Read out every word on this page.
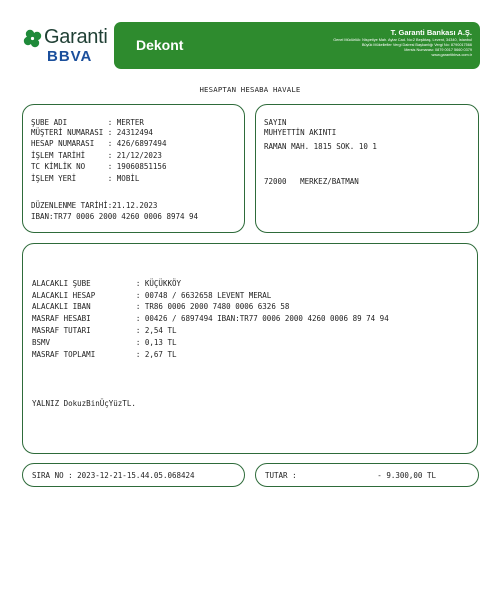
Garanti
BBVA
Dekont
T. Garanti Bankası A.Ş.
Genel Müdürlük: Nispetiye Mah. Aytar Cad. No:2 Beşiktaş, Levent, 34340, İstanbul
Büyük Mükellefler Vergi Dairesi Başkanlığı Vergi No: 8790017566
Mersis Numarası: 0879 0017 5660 0379
www.garantibbva.com.tr
HESAPTAN HESABA HAVALE
ŞUBE ADI         : MERTER
MÜŞTERİ NUMARASI : 24312494
HESAP NUMARASI   : 426/6897494
İŞLEM TARİHİ     : 21/12/2023
TC KİMLİK NO     : 19060851156
İŞLEM YERİ       : MOBİL
DÜZENLENME TARİHİ:21.12.2023
IBAN:TR77 0006 2000 4260 0006 8974 94
SAYIN
MUHYETTİN AKINTI
RAMAN MAH. 1815 SOK. 10 1
72000   MERKEZ/BATMAN
ALACAKLI ŞUBE          : KÜÇÜKKÖY
ALACAKLI HESAP         : 00748 / 6632658 LEVENT MERAL
ALACAKLI IBAN          : TR86 0006 2000 7480 0006 6326 58
MASRAF HESABI          : 00426 / 6897494 IBAN:TR77 0006 2000 4260 0006 89 74 94
MASRAF TUTARI          : 2,54 TL
BSMV                   : 0,13 TL
MASRAF TOPLAMI         : 2,67 TL
YALNIZ DokuzBinÜçYüzTL.
SIRA NO : 2023-12-21-15.44.05.068424	TUTAR :	- 9.300,00 TL
